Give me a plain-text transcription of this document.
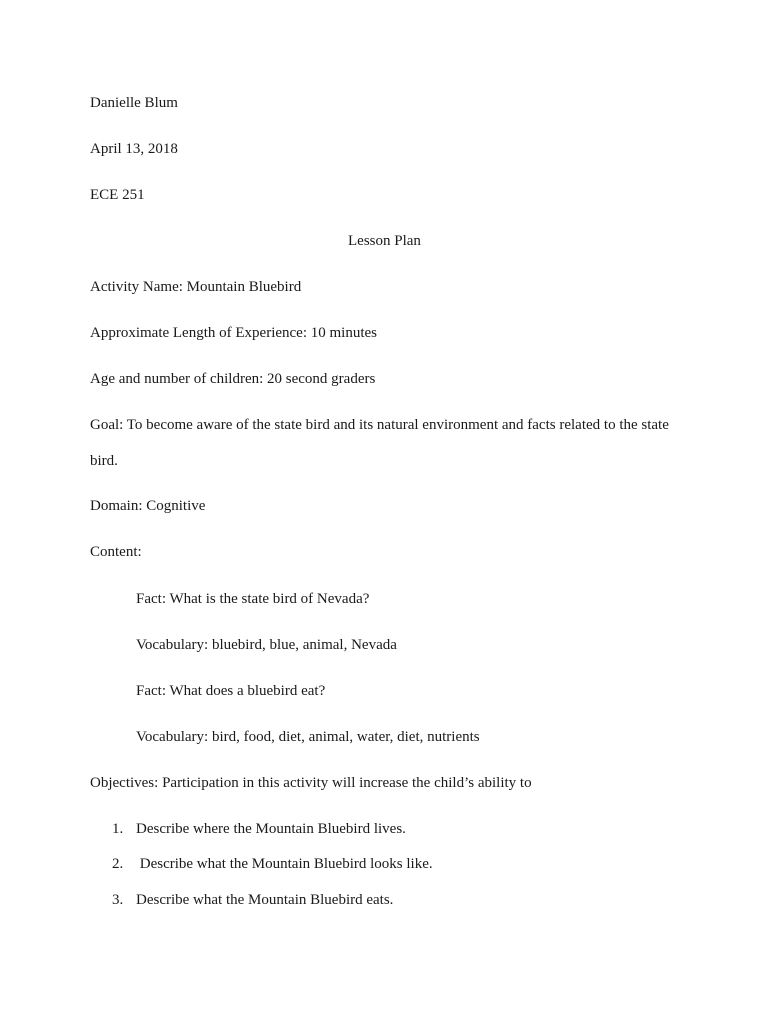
Danielle Blum
April 13, 2018
ECE 251
Lesson Plan
Activity Name: Mountain Bluebird
Approximate Length of Experience: 10 minutes
Age and number of children: 20 second graders
Goal: To become aware of the state bird and its natural environment and facts related to the state
bird.
Domain: Cognitive
Content:
Fact: What is the state bird of Nevada?
Vocabulary: bluebird, blue, animal, Nevada
Fact: What does a bluebird eat?
Vocabulary: bird, food, diet, animal, water, diet, nutrients
Objectives: Participation in this activity will increase the child’s ability to
1. Describe where the Mountain Bluebird lives.
2. Describe what the Mountain Bluebird looks like.
3. Describe what the Mountain Bluebird eats.
